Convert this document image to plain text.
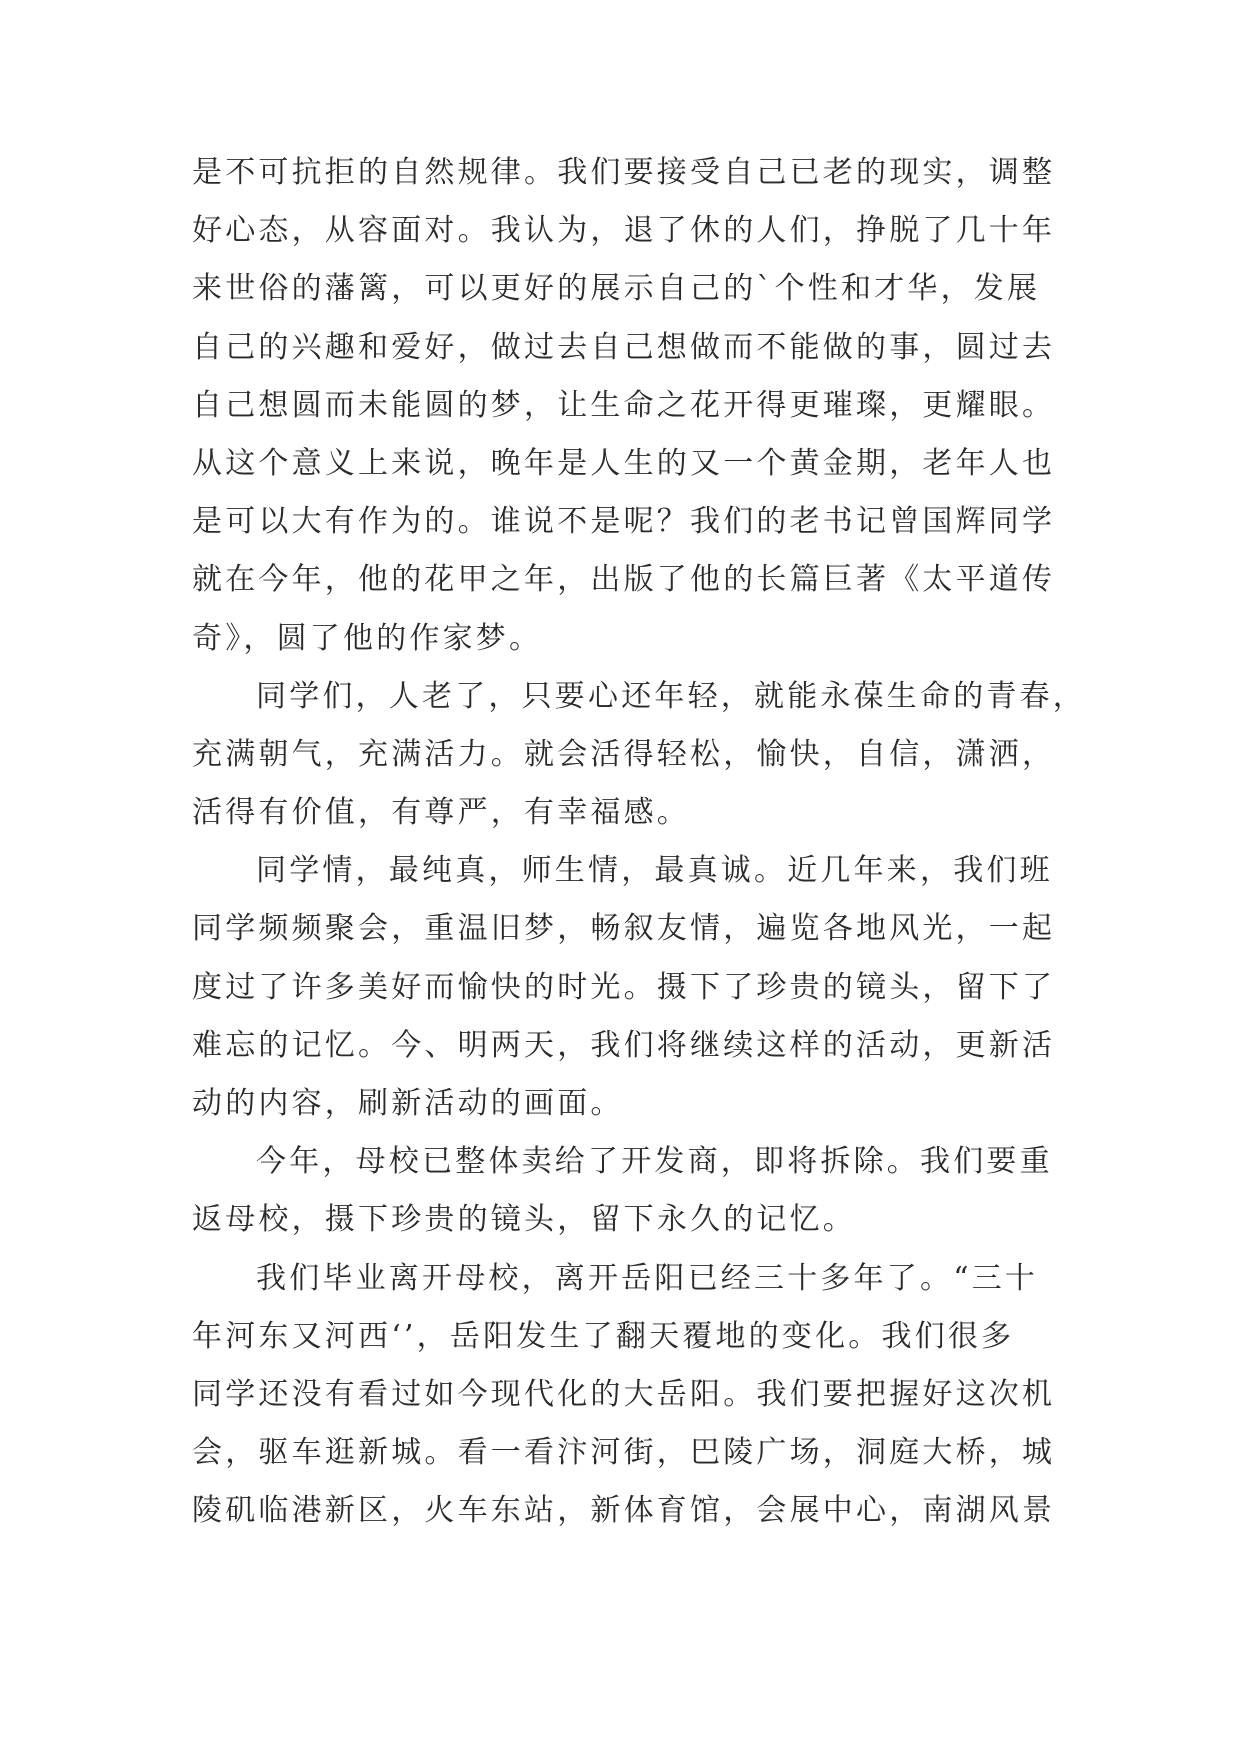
是不可抗拒的自然规律。我们要接受自己已老的现实，调整
好心态，从容面对。我认为，退了休的人们，挣脱了几十年
来世俗的藩篱，可以更好的展示自己的`个性和才华，发展
自己的兴趣和爱好，做过去自己想做而不能做的事，圆过去
自己想圆而未能圆的梦，让生命之花开得更璀璨，更耀眼。
从这个意义上来说，晚年是人生的又一个黄金期，老年人也
是可以大有作为的。谁说不是呢？我们的老书记曾国辉同学
就在今年，他的花甲之年，出版了他的长篇巨著《太平道传
奇》，圆了他的作家梦。
同学们，人老了，只要心还年轻，就能永葆生命的青春，
充满朝气，充满活力。就会活得轻松，愉快，自信，潇洒，
活得有价值，有尊严，有幸福感。
同学情，最纯真，师生情，最真诚。近几年来，我们班
同学频频聚会，重温旧梦，畅叙友情，遍览各地风光，一起
度过了许多美好而愉快的时光。摄下了珍贵的镜头，留下了
难忘的记忆。今、明两天，我们将继续这样的活动，更新活
动的内容，刷新活动的画面。
今年，母校已整体卖给了开发商，即将拆除。我们要重
返母校，摄下珍贵的镜头，留下永久的记忆。
我们毕业离开母校，离开岳阳已经三十多年了。“三十
年河东又河西‘’，岳阳发生了翻天覆地的变化。我们很多
同学还没有看过如今现代化的大岳阳。我们要把握好这次机
会，驱车逛新城。看一看汴河街，巴陵广场，洞庭大桥，城
陵矶临港新区，火车东站，新体育馆，会展中心，南湖风景
